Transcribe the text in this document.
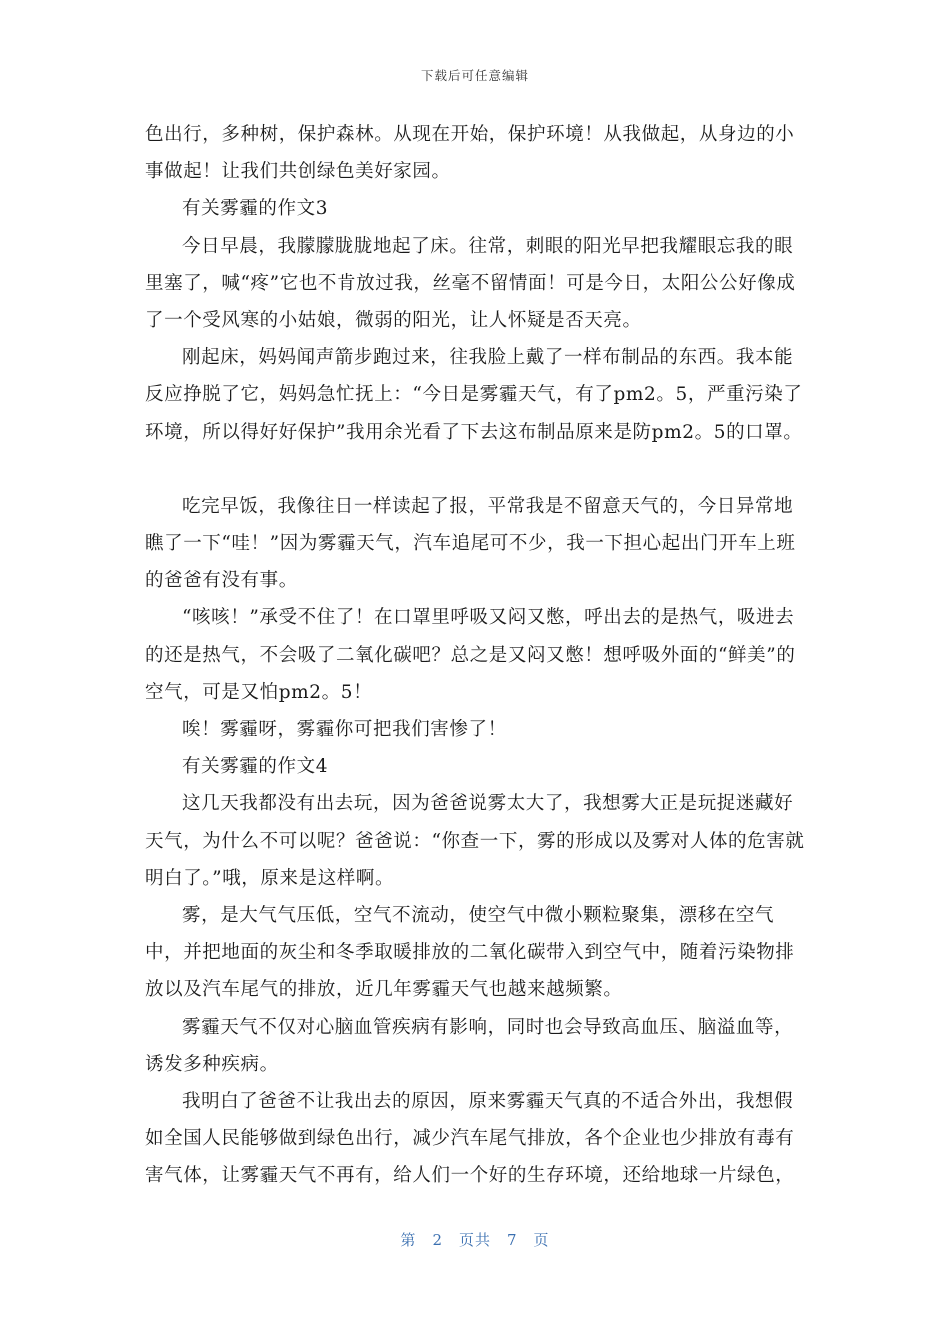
下载后可任意编辑

色出行，多种树，保护森林。从现在开始，保护环境！从我做起，从身边的小事做起！让我们共创绿色美好家园。

有关雾霾的作文3

今日早晨，我朦朦胧胧地起了床。往常，刺眼的阳光早把我耀眼忘我的眼里塞了，喊“疼”它也不肯放过我，丝毫不留情面！可是今日，太阳公公好像成了一个受风寒的小姑娘，微弱的阳光，让人怀疑是否天亮。

刚起床，妈妈闻声箭步跑过来，往我脸上戴了一样布制品的东西。我本能反应挣脱了它，妈妈急忙抚上：“今日是雾霾天气，有了pm2。5，严重污染了环境，所以得好好保护”我用余光看了下去这布制品原来是防pm2。5的口罩。

吃完早饭，我像往日一样读起了报，平常我是不留意天气的，今日异常地瞧了一下“哇！”因为雾霾天气，汽车追尾可不少，我一下担心起出门开车上班的爸爸有没有事。

“咳咳！”承受不住了！在口罩里呼吸又闷又憋，呼出去的是热气，吸进去的还是热气，不会吸了二氧化碳吧？总之是又闷又憋！想呼吸外面的“鲜美”的空气，可是又怕pm2。5！

唉！雾霾呀，雾霾你可把我们害惨了！

有关雾霾的作文4

这几天我都没有出去玩，因为爸爸说雾太大了，我想雾大正是玩捉迷藏好天气，为什么不可以呢？爸爸说：“你查一下，雾的形成以及雾对人体的危害就明白了。”哦，原来是这样啊。

雾，是大气气压低，空气不流动，使空气中微小颗粒聚集，漂移在空气中，并把地面的灰尘和冬季取暖排放的二氧化碳带入到空气中，随着污染物排放以及汽车尾气的排放，近几年雾霾天气也越来越频繁。

雾霾天气不仅对心脑血管疾病有影响，同时也会导致高血压、脑溢血等，诱发多种疾病。

我明白了爸爸不让我出去的原因，原来雾霾天气真的不适合外出，我想假如全国人民能够做到绿色出行，减少汽车尾气排放，各个企业也少排放有毒有害气体，让雾霾天气不再有，给人们一个好的生存环境，还给地球一片绿色，

第 2 页共 7 页
